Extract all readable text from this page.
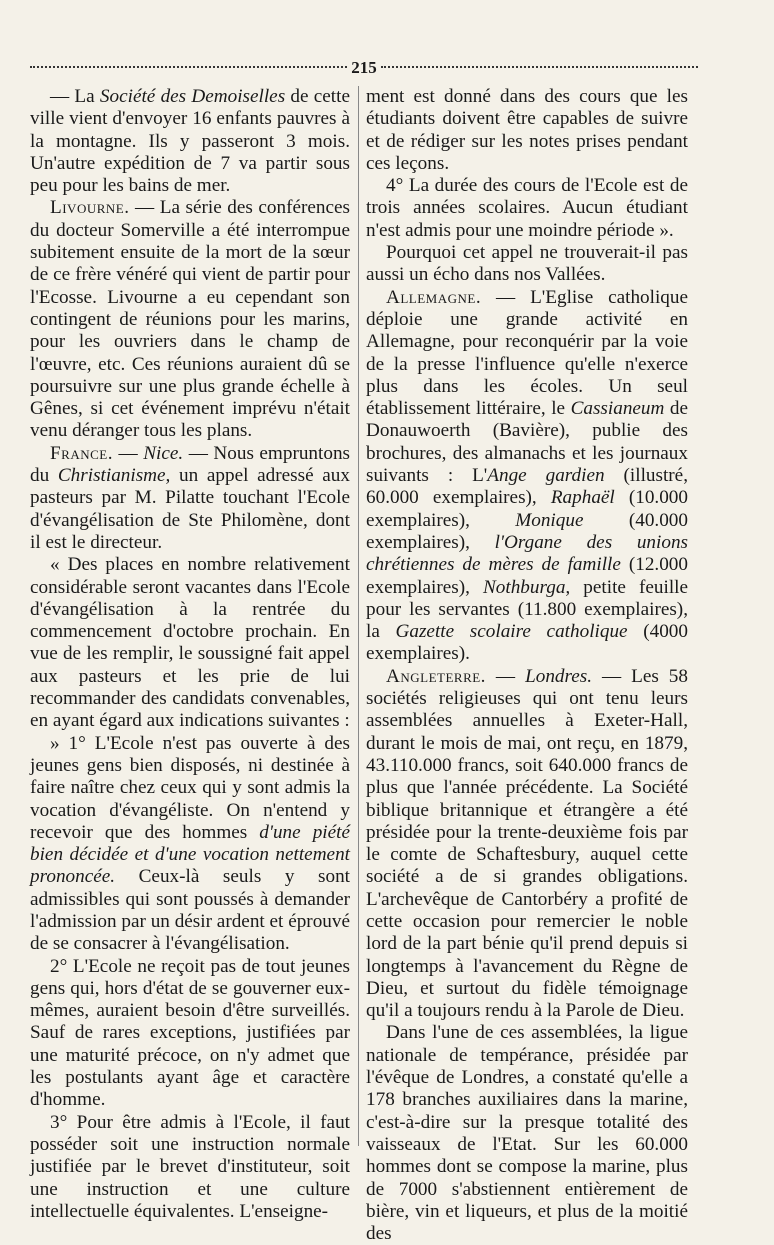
215

— La Société des Demoiselles de cette ville vient d'envoyer 16 enfants pauvres à la montagne. Ils y passeront 3 mois. Un'autre expédition de 7 va partir sous peu pour les bains de mer.

Livourne. — La série des conférences du docteur Somerville a été interrompue subitement ensuite de la mort de la sœur de ce frère vénéré qui vient de partir pour l'Ecosse. Livourne a eu cependant son contingent de réunions pour les marins, pour les ouvriers dans le champ de l'œuvre, etc. Ces réunions auraient dû se poursuivre sur une plus grande échelle à Gênes, si cet événement imprévu n'était venu déranger tous les plans.

France. — Nice. — Nous empruntons du Christianisme, un appel adressé aux pasteurs par M. Pilatte touchant l'Ecole d'évangélisation de Ste Philomène, dont il est le directeur.

« Des places en nombre relativement considérable seront vacantes dans l'Ecole d'évangélisation à la rentrée du commencement d'octobre prochain. En vue de les remplir, le soussigné fait appel aux pasteurs et les prie de lui recommander des candidats convenables, en ayant égard aux indications suivantes :

» 1° L'Ecole n'est pas ouverte à des jeunes gens bien disposés, ni destinée à faire naître chez ceux qui y sont admis la vocation d'évangéliste. On n'entend y recevoir que des hommes d'une piété bien décidée et d'une vocation nettement prononcée. Ceux-là seuls y sont admissibles qui sont poussés à demander l'admission par un désir ardent et éprouvé de se consacrer à l'évangélisation.

2° L'Ecole ne reçoit pas de tout jeunes gens qui, hors d'état de se gouverner eux-mêmes, auraient besoin d'être surveillés. Sauf de rares exceptions, justifiées par une maturité précoce, on n'y admet que les postulants ayant âge et caractère d'homme.

3° Pour être admis à l'Ecole, il faut posséder soit une instruction normale justifiée par le brevet d'instituteur, soit une instruction et une culture intellectuelle équivalentes. L'enseigne-

ment est donné dans des cours que les étudiants doivent être capables de suivre et de rédiger sur les notes prises pendant ces leçons.

4° La durée des cours de l'Ecole est de trois années scolaires. Aucun étudiant n'est admis pour une moindre période ».

Pourquoi cet appel ne trouverait-il pas aussi un écho dans nos Vallées.

Allemagne. — L'Eglise catholique déploie une grande activité en Allemagne, pour reconquérir par la voie de la presse l'influence qu'elle n'exerce plus dans les écoles. Un seul établissement littéraire, le Cassianeum de Donauwoerth (Bavière), publie des brochures, des almanachs et les journaux suivants : L'Ange gardien (illustré, 60.000 exemplaires), Raphaël (10.000 exemplaires), Monique (40.000 exemplaires), l'Organe des unions chrétiennes de mères de famille (12.000 exemplaires), Nothburga, petite feuille pour les servantes (11.800 exemplaires), la Gazette scolaire catholique (4000 exemplaires).

Angleterre. — Londres. — Les 58 sociétés religieuses qui ont tenu leurs assemblées annuelles à Exeter-Hall, durant le mois de mai, ont reçu, en 1879, 43.110.000 francs, soit 640.000 francs de plus que l'année précédente. La Société biblique britannique et étrangère a été présidée pour la trente-deuxième fois par le comte de Schaftesbury, auquel cette société a de si grandes obligations. L'archevêque de Cantorbéry a profité de cette occasion pour remercier le noble lord de la part bénie qu'il prend depuis si longtemps à l'avancement du Règne de Dieu, et surtout du fidèle témoignage qu'il a toujours rendu à la Parole de Dieu.

Dans l'une de ces assemblées, la ligue nationale de tempérance, présidée par l'évêque de Londres, a constaté qu'elle a 178 branches auxiliaires dans la marine, c'est-à-dire sur la presque totalité des vaisseaux de l'Etat. Sur les 60.000 hommes dont se compose la marine, plus de 7000 s'abstiennent entièrement de bière, vin et liqueurs, et plus de la moitié des
